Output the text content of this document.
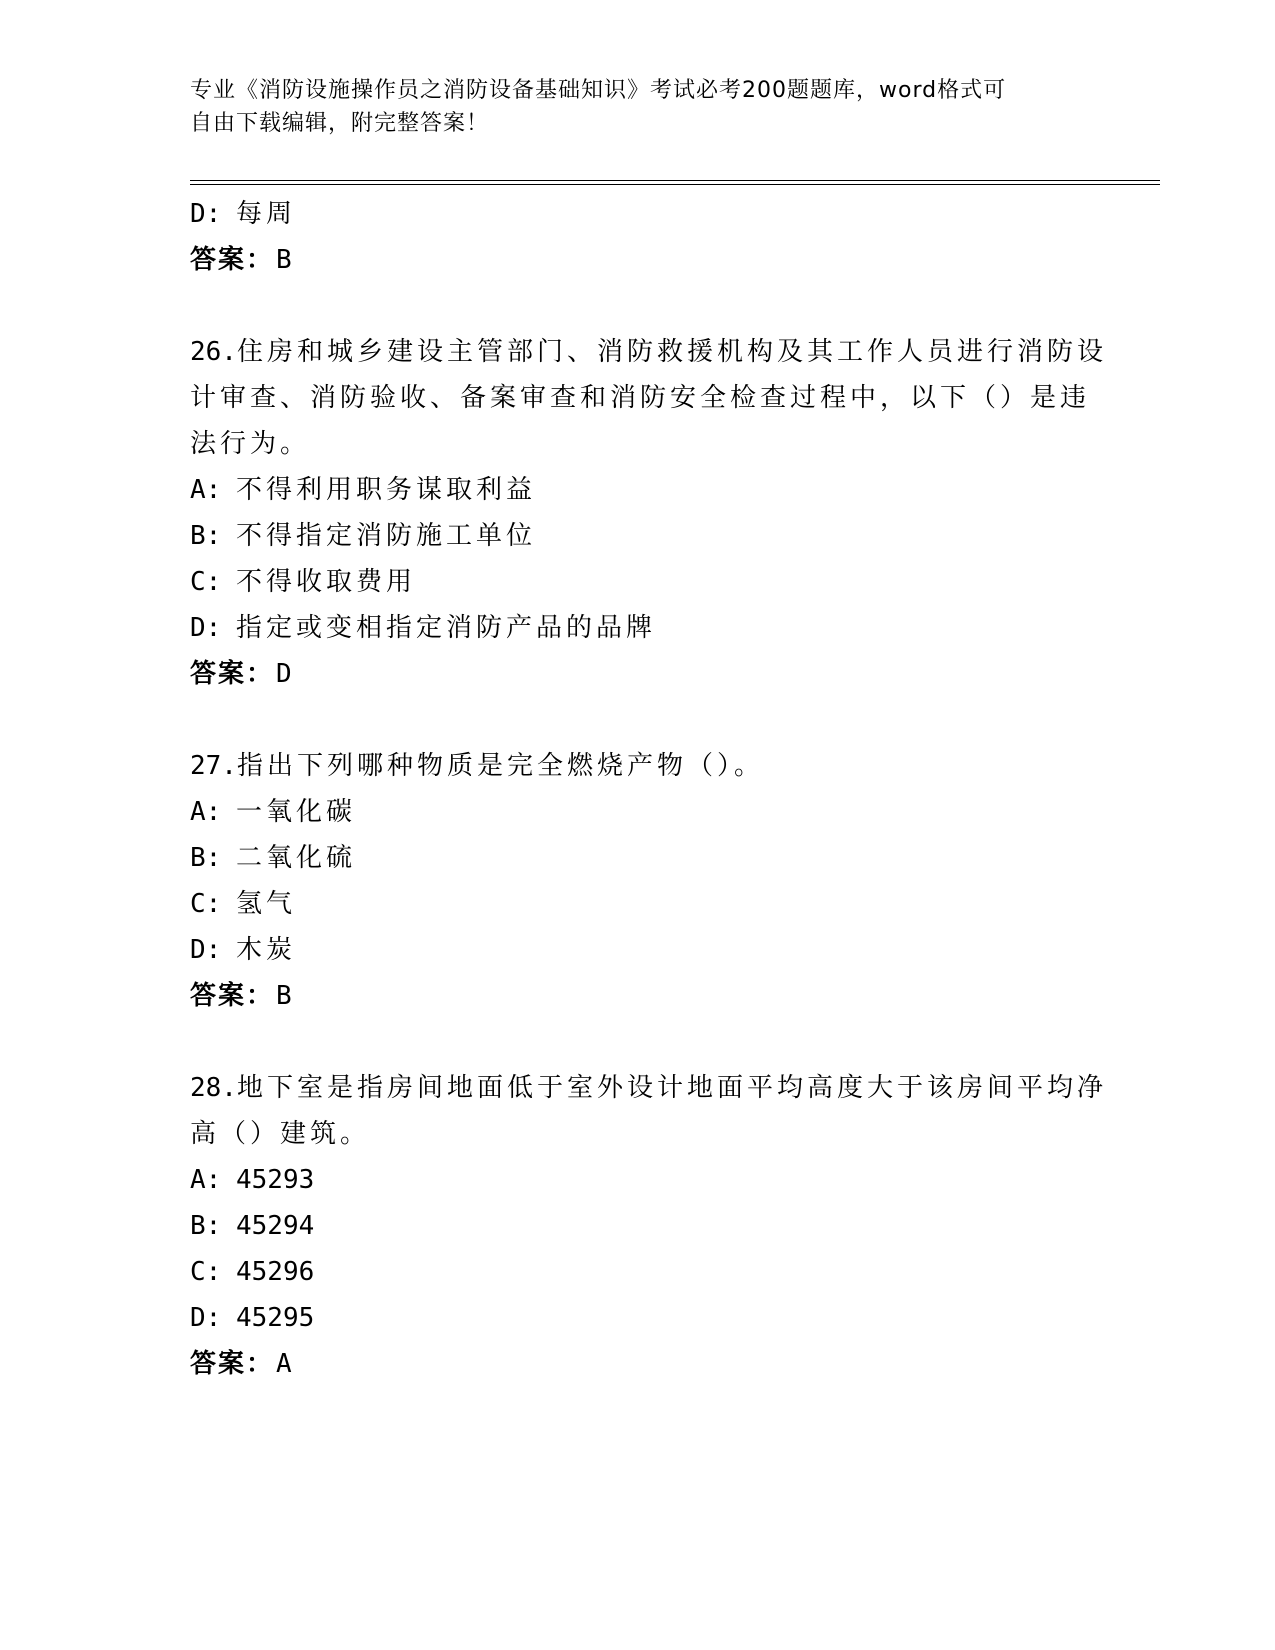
专业《消防设施操作员之消防设备基础知识》考试必考200题题库，word格式可
自由下载编辑，附完整答案！
D: 每周
答案：B
26.住房和城乡建设主管部门、消防救援机构及其工作人员进行消防设
计审查、消防验收、备案审查和消防安全检查过程中，以下（）是违
法行为。
A: 不得利用职务谋取利益
B: 不得指定消防施工单位
C: 不得收取费用
D: 指定或变相指定消防产品的品牌
答案：D
27.指出下列哪种物质是完全燃烧产物（）。
A: 一氧化碳
B: 二氧化硫
C: 氢气
D: 木炭
答案：B
28.地下室是指房间地面低于室外设计地面平均高度大于该房间平均净
高（）建筑。
A: 45293
B: 45294
C: 45296
D: 45295
答案：A
